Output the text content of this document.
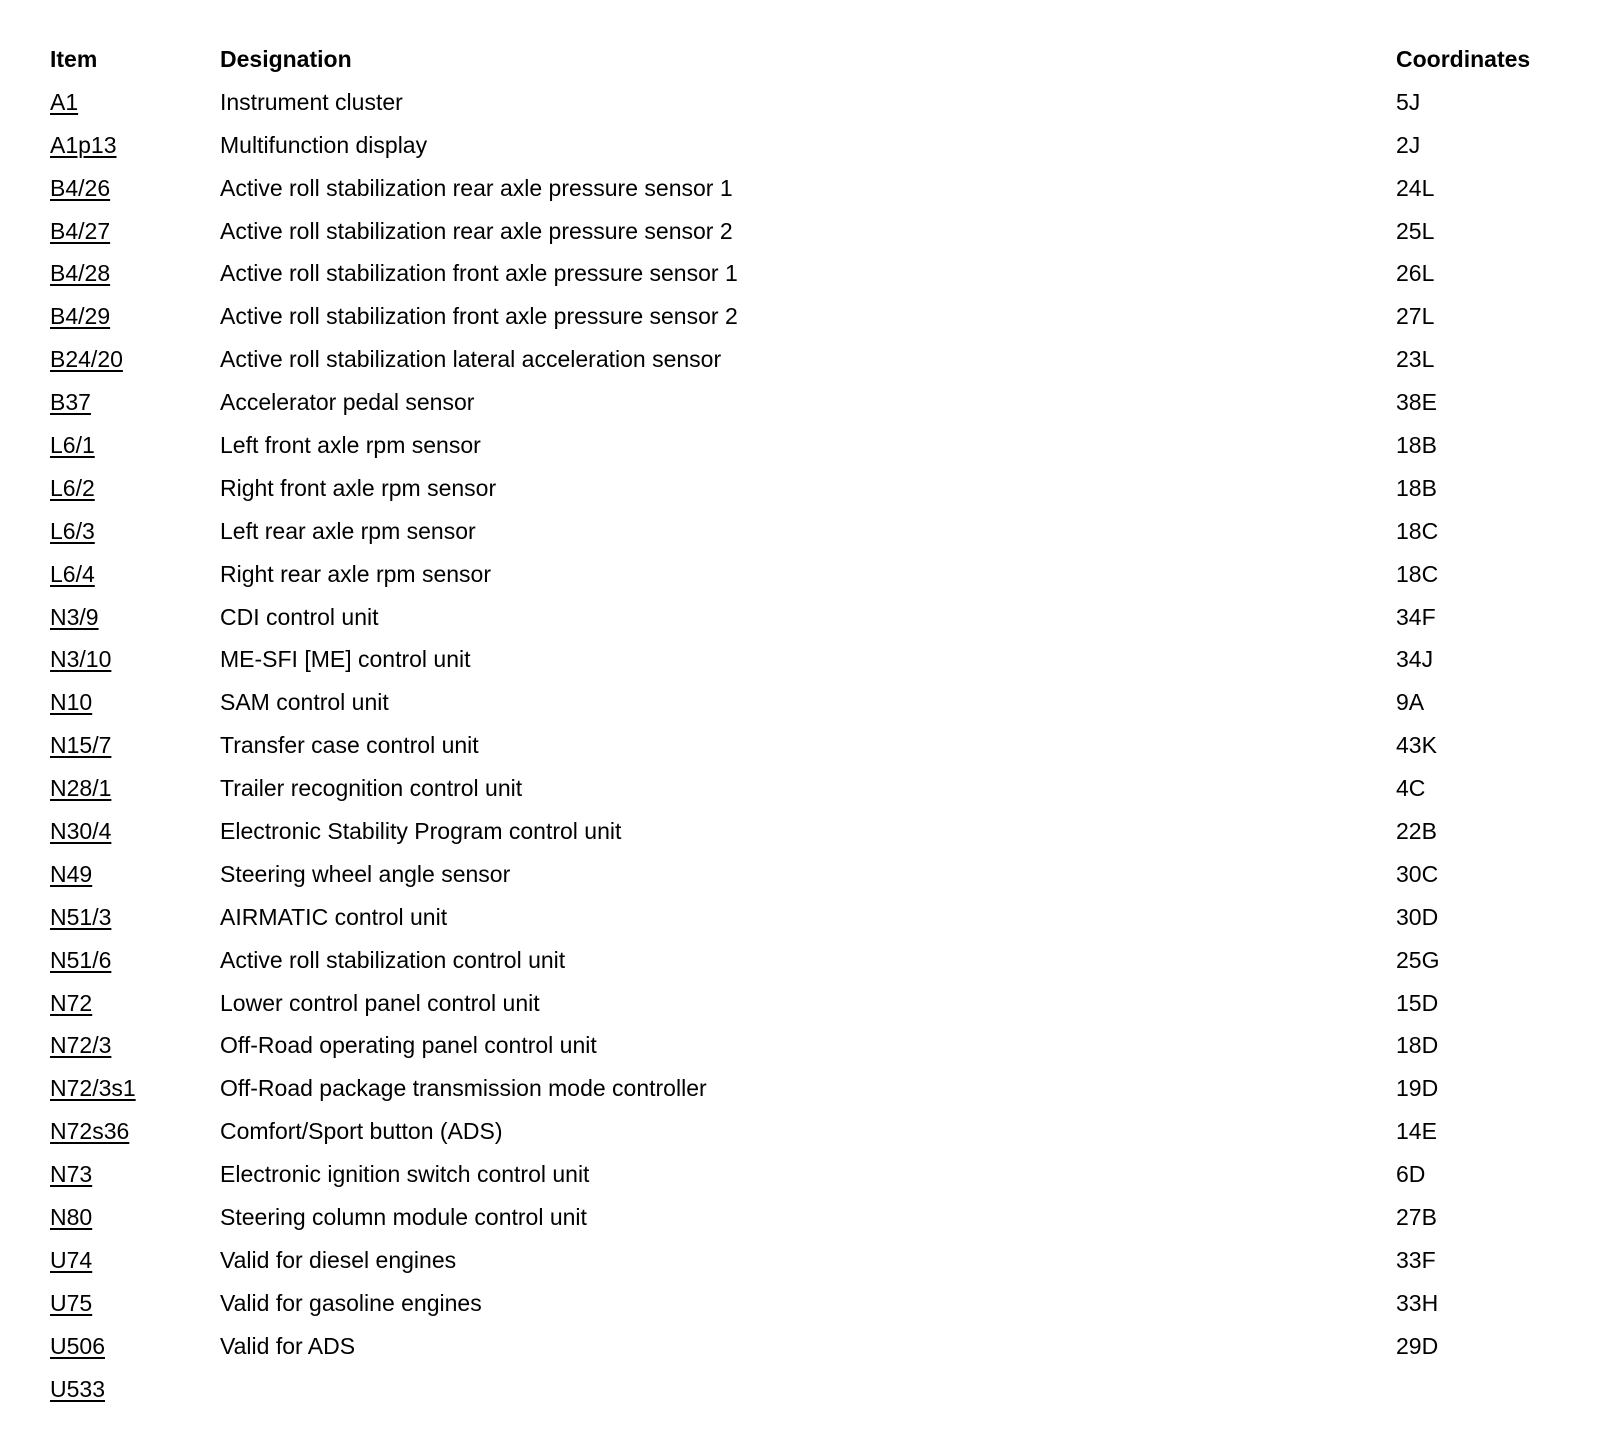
Item	Designation	Coordinates
A1	Instrument cluster	5J
A1p13	Multifunction display	2J
B4/26	Active roll stabilization rear axle pressure sensor 1	24L
B4/27	Active roll stabilization rear axle pressure sensor 2	25L
B4/28	Active roll stabilization front axle pressure sensor 1	26L
B4/29	Active roll stabilization front axle pressure sensor 2	27L
B24/20	Active roll stabilization lateral acceleration sensor	23L
B37	Accelerator pedal sensor	38E
L6/1	Left front axle rpm sensor	18B
L6/2	Right front axle rpm sensor	18B
L6/3	Left rear axle rpm sensor	18C
L6/4	Right rear axle rpm sensor	18C
N3/9	CDI control unit	34F
N3/10	ME-SFI [ME] control unit	34J
N10	SAM control unit	9A
N15/7	Transfer case control unit	43K
N28/1	Trailer recognition control unit	4C
N30/4	Electronic Stability Program control unit	22B
N49	Steering wheel angle sensor	30C
N51/3	AIRMATIC control unit	30D
N51/6	Active roll stabilization control unit	25G
N72	Lower control panel control unit	15D
N72/3	Off-Road operating panel control unit	18D
N72/3s1	Off-Road package transmission mode controller	19D
N72s36	Comfort/Sport button (ADS)	14E
N73	Electronic ignition switch control unit	6D
N80	Steering column module control unit	27B
U74	Valid for diesel engines	33F
U75	Valid for gasoline engines	33H
U506	Valid for ADS	29D
U533
